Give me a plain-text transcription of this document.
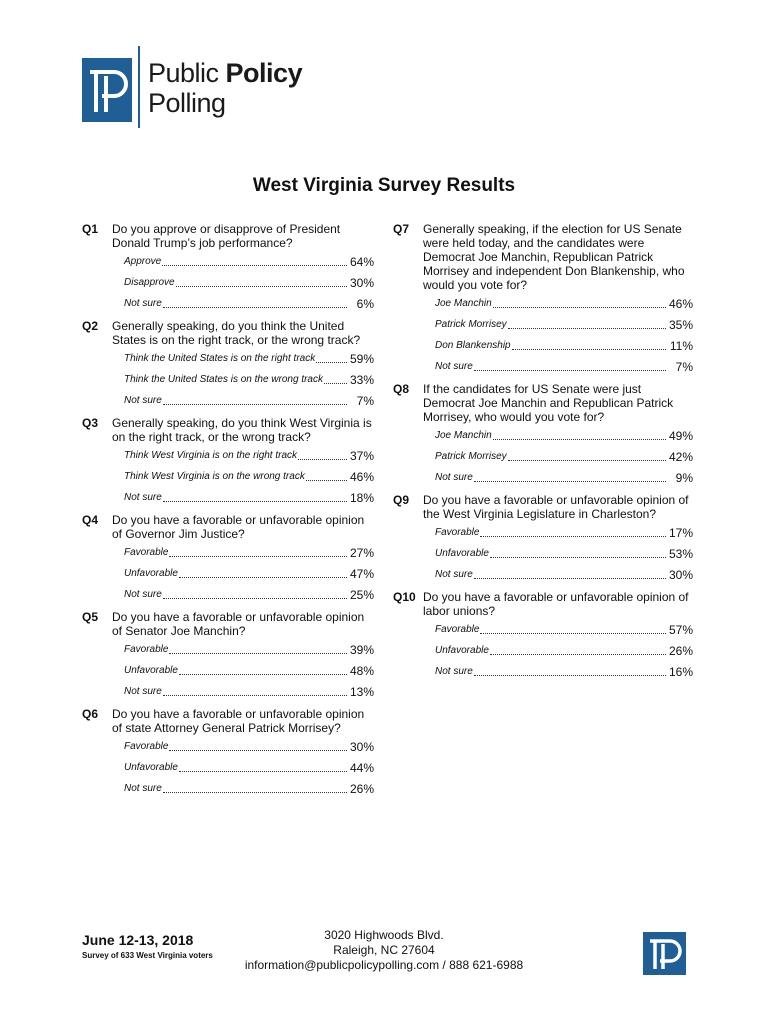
Public Policy
Polling
West Virginia Survey Results
Q1	Do you approve or disapprove of President Donald Trump’s job performance?
Approve	64%
Disapprove	30%
Not sure	6%
Q2	Generally speaking, do you think the United States is on the right track, or the wrong track?
Think the United States is on the right track	59%
Think the United States is on the wrong track 33%
Not sure	7%
Q3	Generally speaking, do you think West Virginia is on the right track, or the wrong track?
Think West Virginia is on the right track	37%
Think West Virginia is on the wrong track	46%
Not sure	18%
Q4	Do you have a favorable or unfavorable opinion of Governor Jim Justice?
Favorable	27%
Unfavorable	47%
Not sure	25%
Q5	Do you have a favorable or unfavorable opinion of Senator Joe Manchin?
Favorable	39%
Unfavorable	48%
Not sure	13%
Q6	Do you have a favorable or unfavorable opinion of state Attorney General Patrick Morrisey?
Favorable	30%
Unfavorable	44%
Not sure	26%
Q7	Generally speaking, if the election for US Senate were held today, and the candidates were Democrat Joe Manchin, Republican Patrick Morrisey and independent Don Blankenship, who would you vote for?
Joe Manchin	46%
Patrick Morrisey	35%
Don Blankenship	11%
Not sure	7%
Q8	If the candidates for US Senate were just Democrat Joe Manchin and Republican Patrick Morrisey, who would you vote for?
Joe Manchin	49%
Patrick Morrisey	42%
Not sure	9%
Q9	Do you have a favorable or unfavorable opinion of the West Virginia Legislature in Charleston?
Favorable	17%
Unfavorable	53%
Not sure	30%
Q10 Do you have a favorable or unfavorable opinion of labor unions?
Favorable	57%
Unfavorable	26%
Not sure	16%
June 12-13, 2018
Survey of 633 West Virginia voters
3020 Highwoods Blvd.
Raleigh, NC 27604
information@publicpolicypolling.com / 888 621-6988
